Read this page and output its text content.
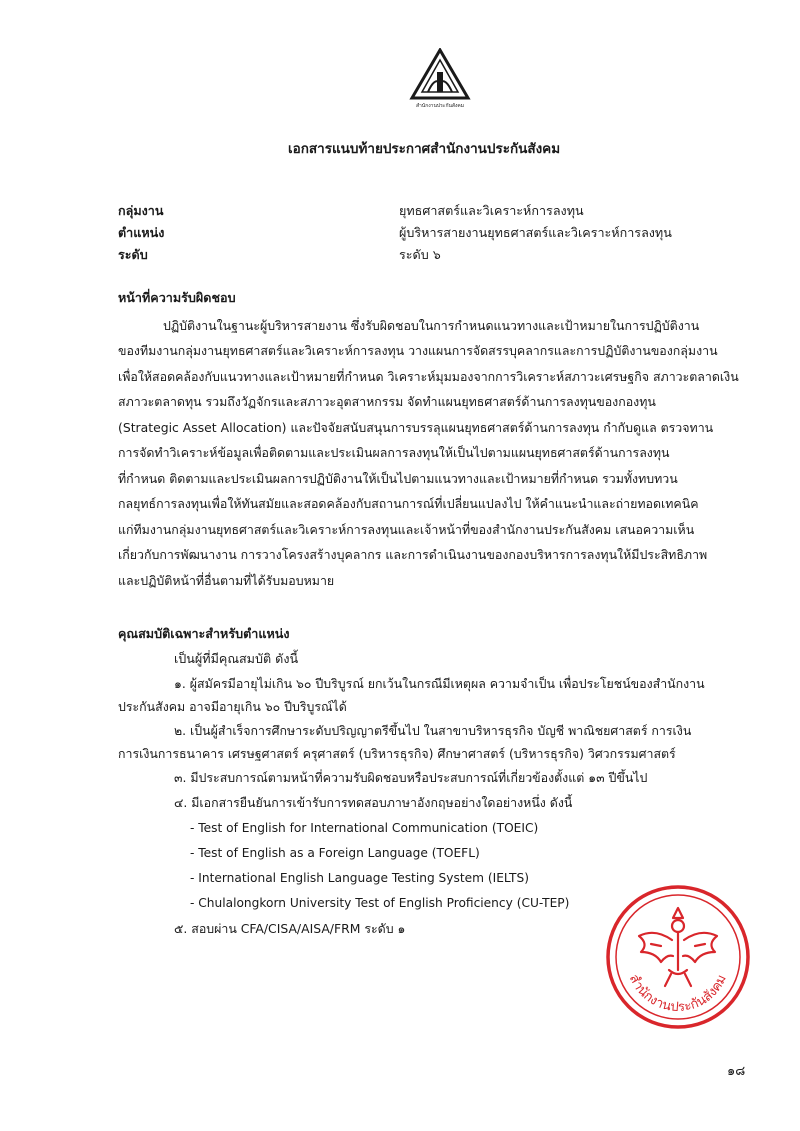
สำนักงานประกันสังคม
เอกสารแนบท้ายประกาศสำนักงานประกันสังคม
กลุ่มงาน	ยุทธศาสตร์และวิเคราะห์การลงทุน
ตำแหน่ง	ผู้บริหารสายงานยุทธศาสตร์และวิเคราะห์การลงทุน
ระดับ	ระดับ ๖
หน้าที่ความรับผิดชอบ
ปฏิบัติงานในฐานะผู้บริหารสายงาน ซึ่งรับผิดชอบในการกำหนดแนวทางและเป้าหมายในการปฏิบัติงาน
ของทีมงานกลุ่มงานยุทธศาสตร์และวิเคราะห์การลงทุน วางแผนการจัดสรรบุคลากรและการปฏิบัติงานของกลุ่มงาน
เพื่อให้สอดคล้องกับแนวทางและเป้าหมายที่กำหนด วิเคราะห์มุมมองจากการวิเคราะห์สภาวะเศรษฐกิจ สภาวะตลาดเงิน
สภาวะตลาดทุน รวมถึงวัฏจักรและสภาวะอุตสาหกรรม จัดทำแผนยุทธศาสตร์ด้านการลงทุนของกองทุน
(Strategic Asset Allocation) และปัจจัยสนับสนุนการบรรลุแผนยุทธศาสตร์ด้านการลงทุน กำกับดูแล ตรวจทาน
การจัดทำวิเคราะห์ข้อมูลเพื่อติดตามและประเมินผลการลงทุนให้เป็นไปตามแผนยุทธศาสตร์ด้านการลงทุน
ที่กำหนด ติดตามและประเมินผลการปฏิบัติงานให้เป็นไปตามแนวทางและเป้าหมายที่กำหนด รวมทั้งทบทวน
กลยุทธ์การลงทุนเพื่อให้ทันสมัยและสอดคล้องกับสถานการณ์ที่เปลี่ยนแปลงไป ให้คำแนะนำและถ่ายทอดเทคนิค
แก่ทีมงานกลุ่มงานยุทธศาสตร์และวิเคราะห์การลงทุนและเจ้าหน้าที่ของสำนักงานประกันสังคม เสนอความเห็น
เกี่ยวกับการพัฒนางาน การวางโครงสร้างบุคลากร และการดำเนินงานของกองบริหารการลงทุนให้มีประสิทธิภาพ
และปฏิบัติหน้าที่อื่นตามที่ได้รับมอบหมาย
คุณสมบัติเฉพาะสำหรับตำแหน่ง
เป็นผู้ที่มีคุณสมบัติ ดังนี้
๑. ผู้สมัครมีอายุไม่เกิน ๖๐ ปีบริบูรณ์ ยกเว้นในกรณีมีเหตุผล ความจำเป็น เพื่อประโยชน์ของสำนักงาน
ประกันสังคม อาจมีอายุเกิน ๖๐ ปีบริบูรณ์ได้
๒. เป็นผู้สำเร็จการศึกษาระดับปริญญาตรีขึ้นไป ในสาขาบริหารธุรกิจ บัญชี พาณิชยศาสตร์ การเงิน
การเงินการธนาคาร เศรษฐศาสตร์ ครุศาสตร์ (บริหารธุรกิจ) ศึกษาศาสตร์ (บริหารธุรกิจ) วิศวกรรมศาสตร์
๓. มีประสบการณ์ตามหน้าที่ความรับผิดชอบหรือประสบการณ์ที่เกี่ยวข้องตั้งแต่ ๑๓ ปีขึ้นไป
๔. มีเอกสารยืนยันการเข้ารับการทดสอบภาษาอังกฤษอย่างใดอย่างหนึ่ง ดังนี้
- Test of English for International Communication (TOEIC)
- Test of English as a Foreign Language (TOEFL)
- International English Language Testing System (IELTS)
- Chulalongkorn University Test of English Proficiency (CU-TEP)
๕. สอบผ่าน CFA/CISA/AISA/FRM ระดับ ๑
สำนักงานประกันสังคม
๑๘
